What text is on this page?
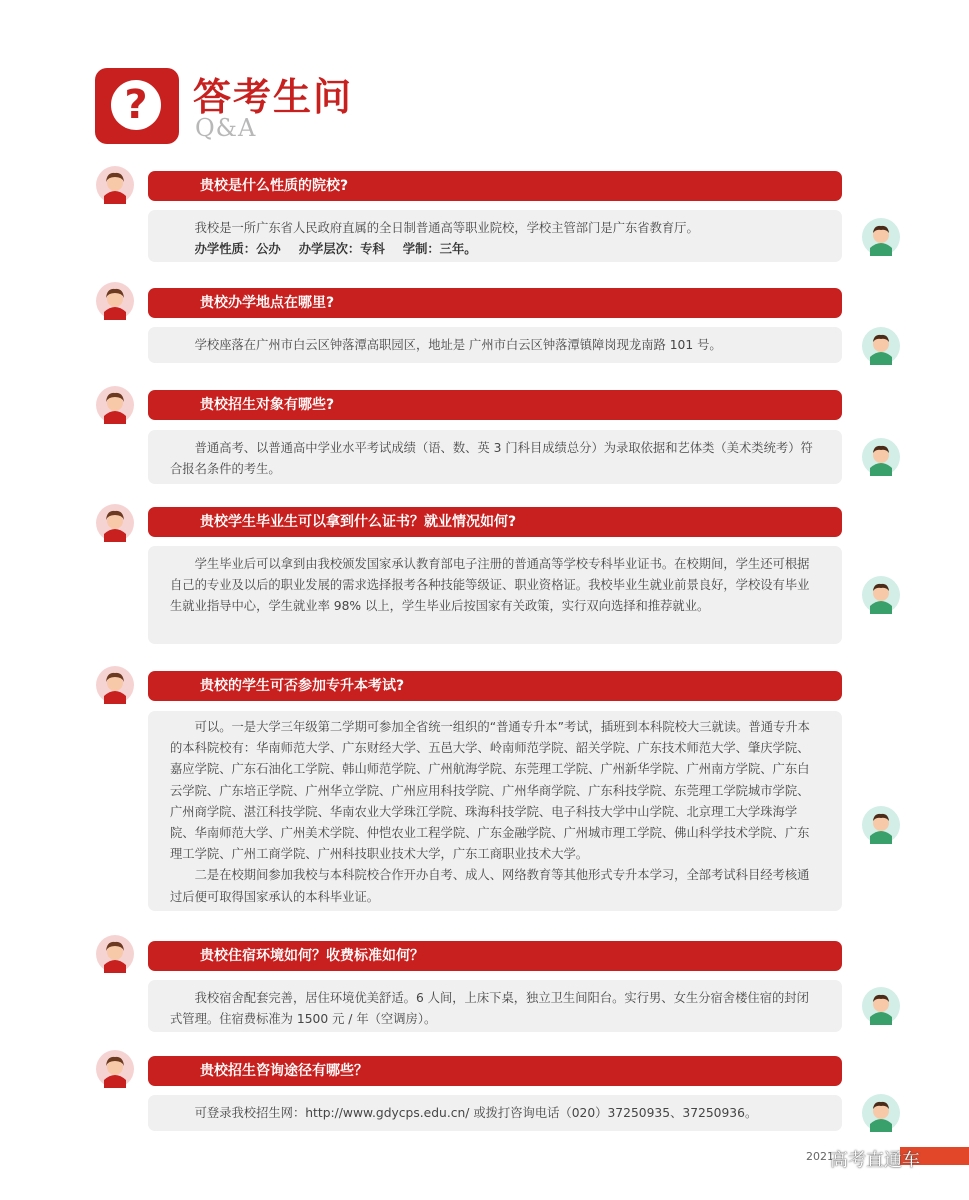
?	答考生问
Q&A
贵校是什么性质的院校?

我校是一所广东省人民政府直属的全日制普通高等职业院校，学校主管部门是广东省教育厅。

办学性质：公办 办学层次：专科 学制：三年。
贵校办学地点在哪里?

学校座落在广州市白云区钟落潭高职园区，地址是 广州市白云区钟落潭镇障岗现龙南路 101 号。

贵校招生对象有哪些?

普通高考、以普通高中学业水平考试成绩（语、数、英 3 门科目成绩总分）为录取依据和艺体类（美术类统考）符合报名条件的考生。

贵校学生毕业生可以拿到什么证书？就业情况如何?

学生毕业后可以拿到由我校颁发国家承认教育部电子注册的普通高等学校专科毕业证书。在校期间，学生还可根据自己的专业及以后的职业发展的需求选择报考各种技能等级证、职业资格证。我校毕业生就业前景良好，学校设有毕业生就业指导中心，学生就业率 98% 以上，学生毕业后按国家有关政策，实行双向选择和推荐就业。

贵校的学生可否参加专升本考试?

可以。一是大学三年级第二学期可参加全省统一组织的“普通专升本”考试，插班到本科院校大三就读。普通专升本的本科院校有：华南师范大学、广东财经大学、五邑大学、岭南师范学院、韶关学院、广东技术师范大学、肇庆学院、嘉应学院、广东石油化工学院、韩山师范学院、广州航海学院、东莞理工学院、广州新华学院、广州南方学院、广东白云学院、广东培正学院、广州华立学院、广州应用科技学院、广州华商学院、广东科技学院、东莞理工学院城市学院、广州商学院、湛江科技学院、华南农业大学珠江学院、珠海科技学院、电子科技大学中山学院、北京理工大学珠海学院、华南师范大学、广州美术学院、仲恺农业工程学院、广东金融学院、广州城市理工学院、佛山科学技术学院、广东理工学院、广州工商学院、广州科技职业技术大学，广东工商职业技术大学。

二是在校期间参加我校与本科院校合作开办自考、成人、网络教育等其他形式专升本学习，全部考试科目经考核通过后便可取得国家承认的本科毕业证。

贵校住宿环境如何？收费标准如何？

我校宿舍配套完善，居住环境优美舒适。6 人间，上床下桌，独立卫生间阳台。实行男、女生分宿舍楼住宿的封闭式管理。住宿费标准为 1500 元 / 年（空调房）。

贵校招生咨询途径有哪些？

可登录我校招生网：http://www.gdycps.edu.cn/ 或拨打咨询电话（020）37250935、37250936。

2021
高考直通车
